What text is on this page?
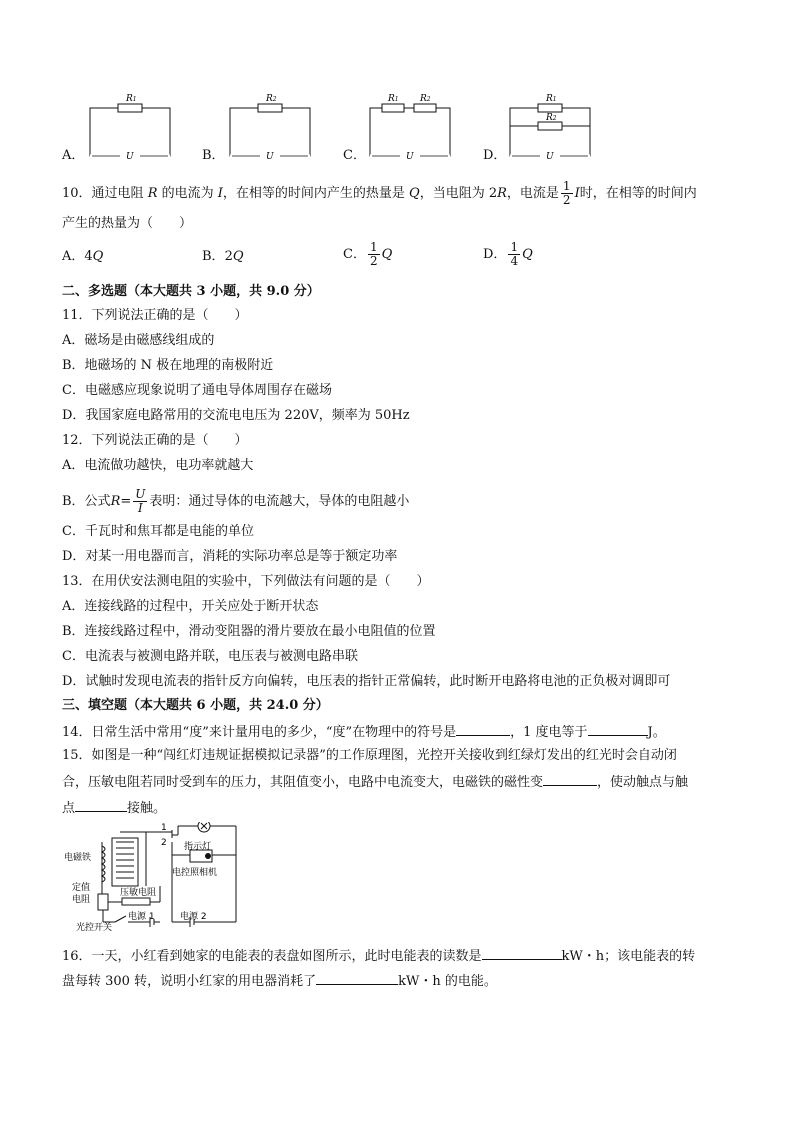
R1
U
R2
U
R1 R2
U
R1
R2
U
A．	B．	C．	D．
10．通过电阻 R 的电流为 I，在相等的时间内产生的热量是 Q，当电阻为 2R，电流是 $\frac{1}{2}$ I时，在相等的时间内
产生的热量为（　　）
A．4Q	B．2Q	C． $\frac{1}{2}$ Q	D． $\frac{1}{4}$ Q
二、多选题（本大题共 3 小题，共 9.0 分）
11．下列说法正确的是（　　）
A．磁场是由磁感线组成的
B．地磁场的 N 极在地理的南极附近
C．电磁感应现象说明了通电导体周围存在磁场
D．我国家庭电路常用的交流电电压为 220V，频率为 50Hz
12．下列说法正确的是（　　）
A．电流做功越快，电功率就越大
B．公式$R= \frac{U}{I}$ 表明：通过导体的电流越大，导体的电阻越小
C．千瓦时和焦耳都是电能的单位
D．对某一用电器而言，消耗的实际功率总是等于额定功率
13．在用伏安法测电阻的实验中，下列做法有问题的是（　　）
A．连接线路的过程中，开关应处于断开状态
B．连接线路过程中，滑动变阻器的滑片要放在最小电阻值的位置
C．电流表与被测电路并联，电压表与被测电路串联
D．试触时发现电流表的指针反方向偏转，电压表的指针正常偏转，此时断开电路将电池的正负极对调即可
三、填空题（本大题共 6 小题，共 24.0 分）
14．日常生活中常用“度”来计量用电的多少，“度”在物理中的符号是	，1 度电等于	J。
15．如图是一种“闯红灯违规证据模拟记录器”的工作原理图，光控开关接收到红绿灯发出的红光时会自动闭
合，压敏电阻若同时受到车的压力，其阻值变小，电路中电流变大，电磁铁的磁性变	，使动触点与触
点	接触。
电磁铁
1
2 指示灯
电控照相机
定值
电阻
压敏电阻
电源 1	电源 2
光控开关
16．一天，小红看到她家的电能表的表盘如图所示，此时电能表的读数是	kW・h；该电能表的转
盘每转 300 转，说明小红家的用电器消耗了	kW・h 的电能。
